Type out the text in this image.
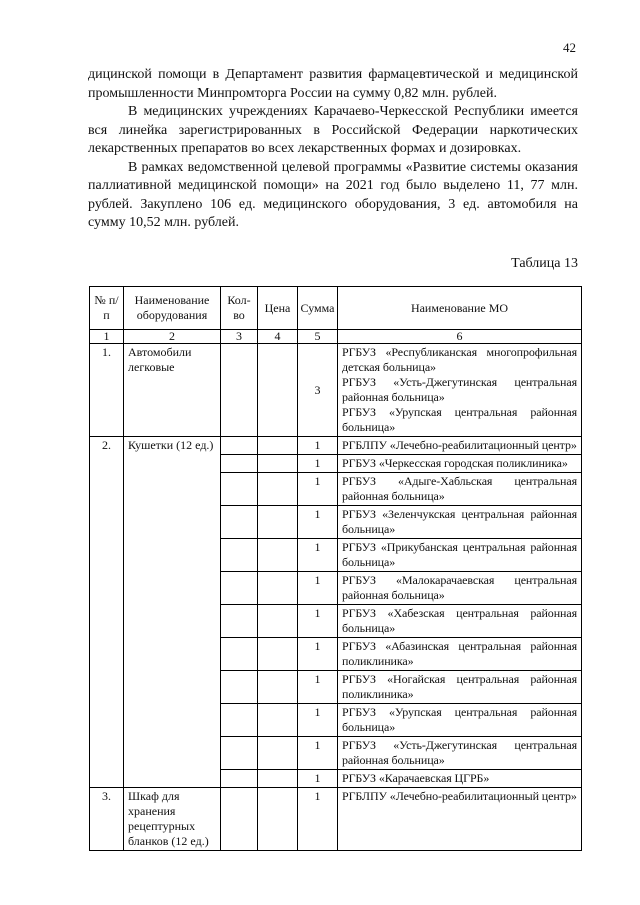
42

дицинской помощи в Департамент развития фармацевтической и медицинской промышленности Минпромторга России на сумму 0,82 млн. рублей.

В медицинских учреждениях Карачаево-Черкесской Республики имеется вся линейка зарегистрированных в Российской Федерации наркотических лекарственных препаратов во всех лекарственных формах и дозировках.

В рамках ведомственной целевой программы «Развитие системы оказания паллиативной медицинской помощи» на 2021 год было выделено 11, 77 млн. рублей. Закуплено 106 ед. медицинского оборудования, 3 ед. автомобиля на сумму 10,52 млн. рублей.

Таблица 13
№ п/п	Наименование оборудования	Кол-во	Цена	Сумма	Наименование МО
1	2	3	4	5	6
1.	Автомобили легковые			3	РГБУЗ «Республиканская многопрофильная детская больница»
РГБУЗ «Усть-Джегутинская центральная районная больница»
РГБУЗ «Урупская центральная районная больница»

2.	Кушетки (12 ед.)			1	РГБЛПУ «Лечебно-реабилитационный центр»
				1	РГБУЗ «Черкесская городская поликлиника»
				1	РГБУЗ «Адыге-Хабльская центральная районная больница»
				1	РГБУЗ «Зеленчукская центральная районная больница»
				1	РГБУЗ «Прикубанская центральная районная больница»
				1	РГБУЗ «Малокарачаевская центральная районная больница»
				1	РГБУЗ «Хабезская центральная районная больница»
				1	РГБУЗ «Абазинская центральная районная поликлиника»
				1	РГБУЗ «Ногайская центральная районная поликлиника»
				1	РГБУЗ «Урупская центральная районная больница»
				1	РГБУЗ «Усть-Джегутинская центральная районная больница»
				1	РГБУЗ «Карачаевская ЦГРБ»
3.	Шкаф для хранения рецептурных бланков (12 ед.)			1	РГБЛПУ «Лечебно-реабилитационный центр»
